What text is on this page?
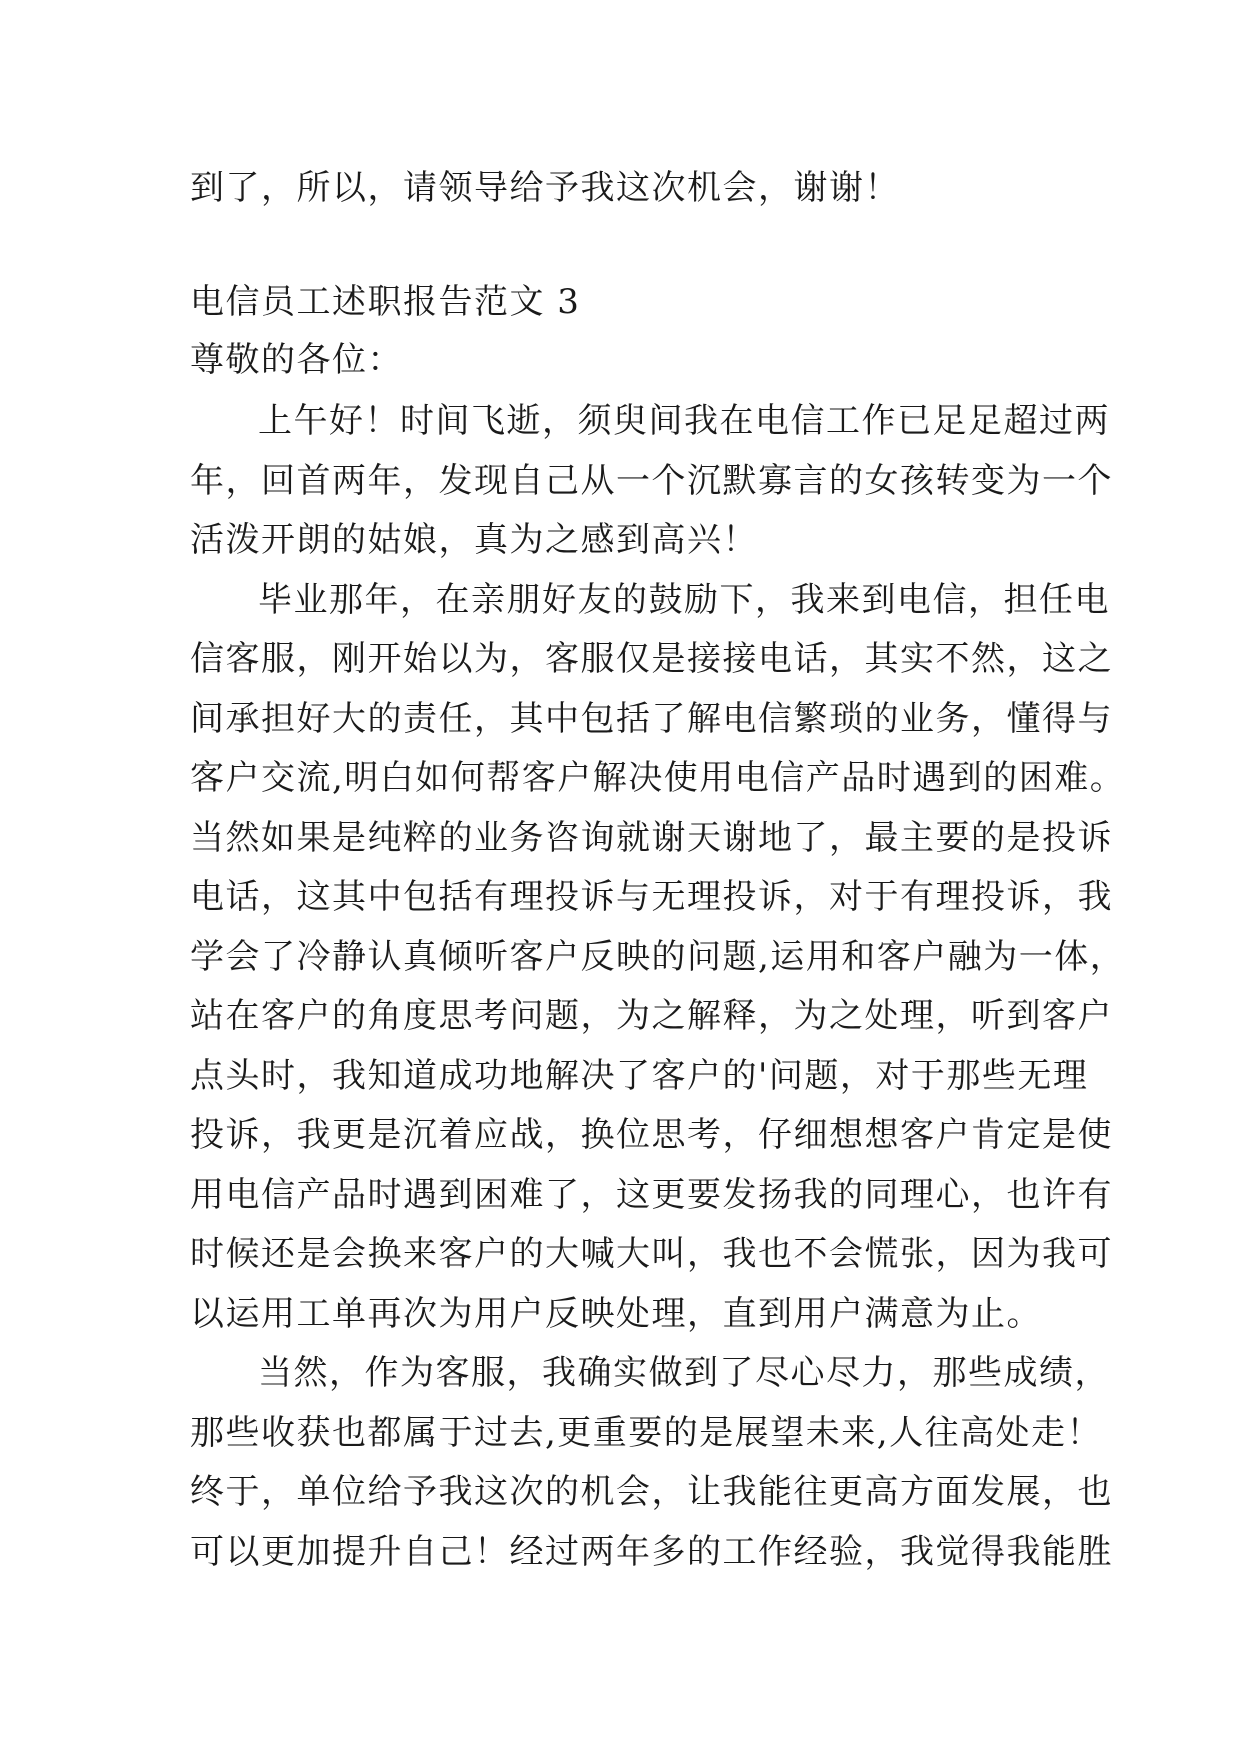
到了，所以，请领导给予我这次机会，谢谢！
电信员工述职报告范文 3
尊敬的各位：
上午好！时间飞逝，须臾间我在电信工作已足足超过两
年，回首两年，发现自己从一个沉默寡言的女孩转变为一个
活泼开朗的姑娘，真为之感到高兴！
毕业那年，在亲朋好友的鼓励下，我来到电信，担任电
信客服，刚开始以为，客服仅是接接电话，其实不然，这之
间承担好大的责任，其中包括了解电信繁琐的业务，懂得与
客户交流,明白如何帮客户解决使用电信产品时遇到的困难。
当然如果是纯粹的业务咨询就谢天谢地了，最主要的是投诉
电话，这其中包括有理投诉与无理投诉，对于有理投诉，我
学会了冷静认真倾听客户反映的问题,运用和客户融为一体，
站在客户的角度思考问题，为之解释，为之处理，听到客户
点头时，我知道成功地解决了客户的'问题，对于那些无理
投诉，我更是沉着应战，换位思考，仔细想想客户肯定是使
用电信产品时遇到困难了，这更要发扬我的同理心，也许有
时候还是会换来客户的大喊大叫，我也不会慌张，因为我可
以运用工单再次为用户反映处理，直到用户满意为止。
当然，作为客服，我确实做到了尽心尽力，那些成绩，
那些收获也都属于过去,更重要的是展望未来,人往高处走！
终于，单位给予我这次的机会，让我能往更高方面发展，也
可以更加提升自己！经过两年多的工作经验，我觉得我能胜
